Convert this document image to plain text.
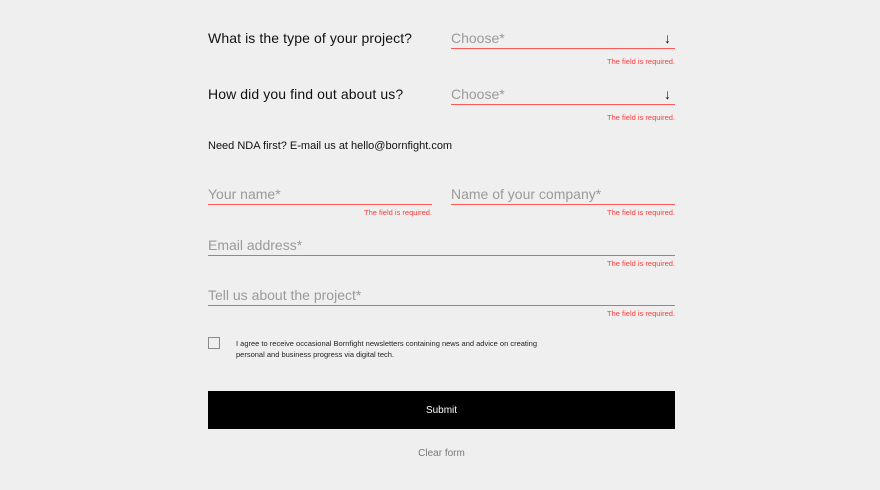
What is the type of your project?	Choose*	↓
The field is required.
How did you find out about us?	Choose*	↓
The field is required.
Need NDA first? E-mail us at hello@bornfight.com
Your name*
The field is required.
Name of your company*
The field is required.
Email address*
The field is required.
Tell us about the project*
The field is required.
I agree to receive occasional Bornfight newsletters containing news and advice on creating personal and business progress via digital tech.
Submit
Clear form
